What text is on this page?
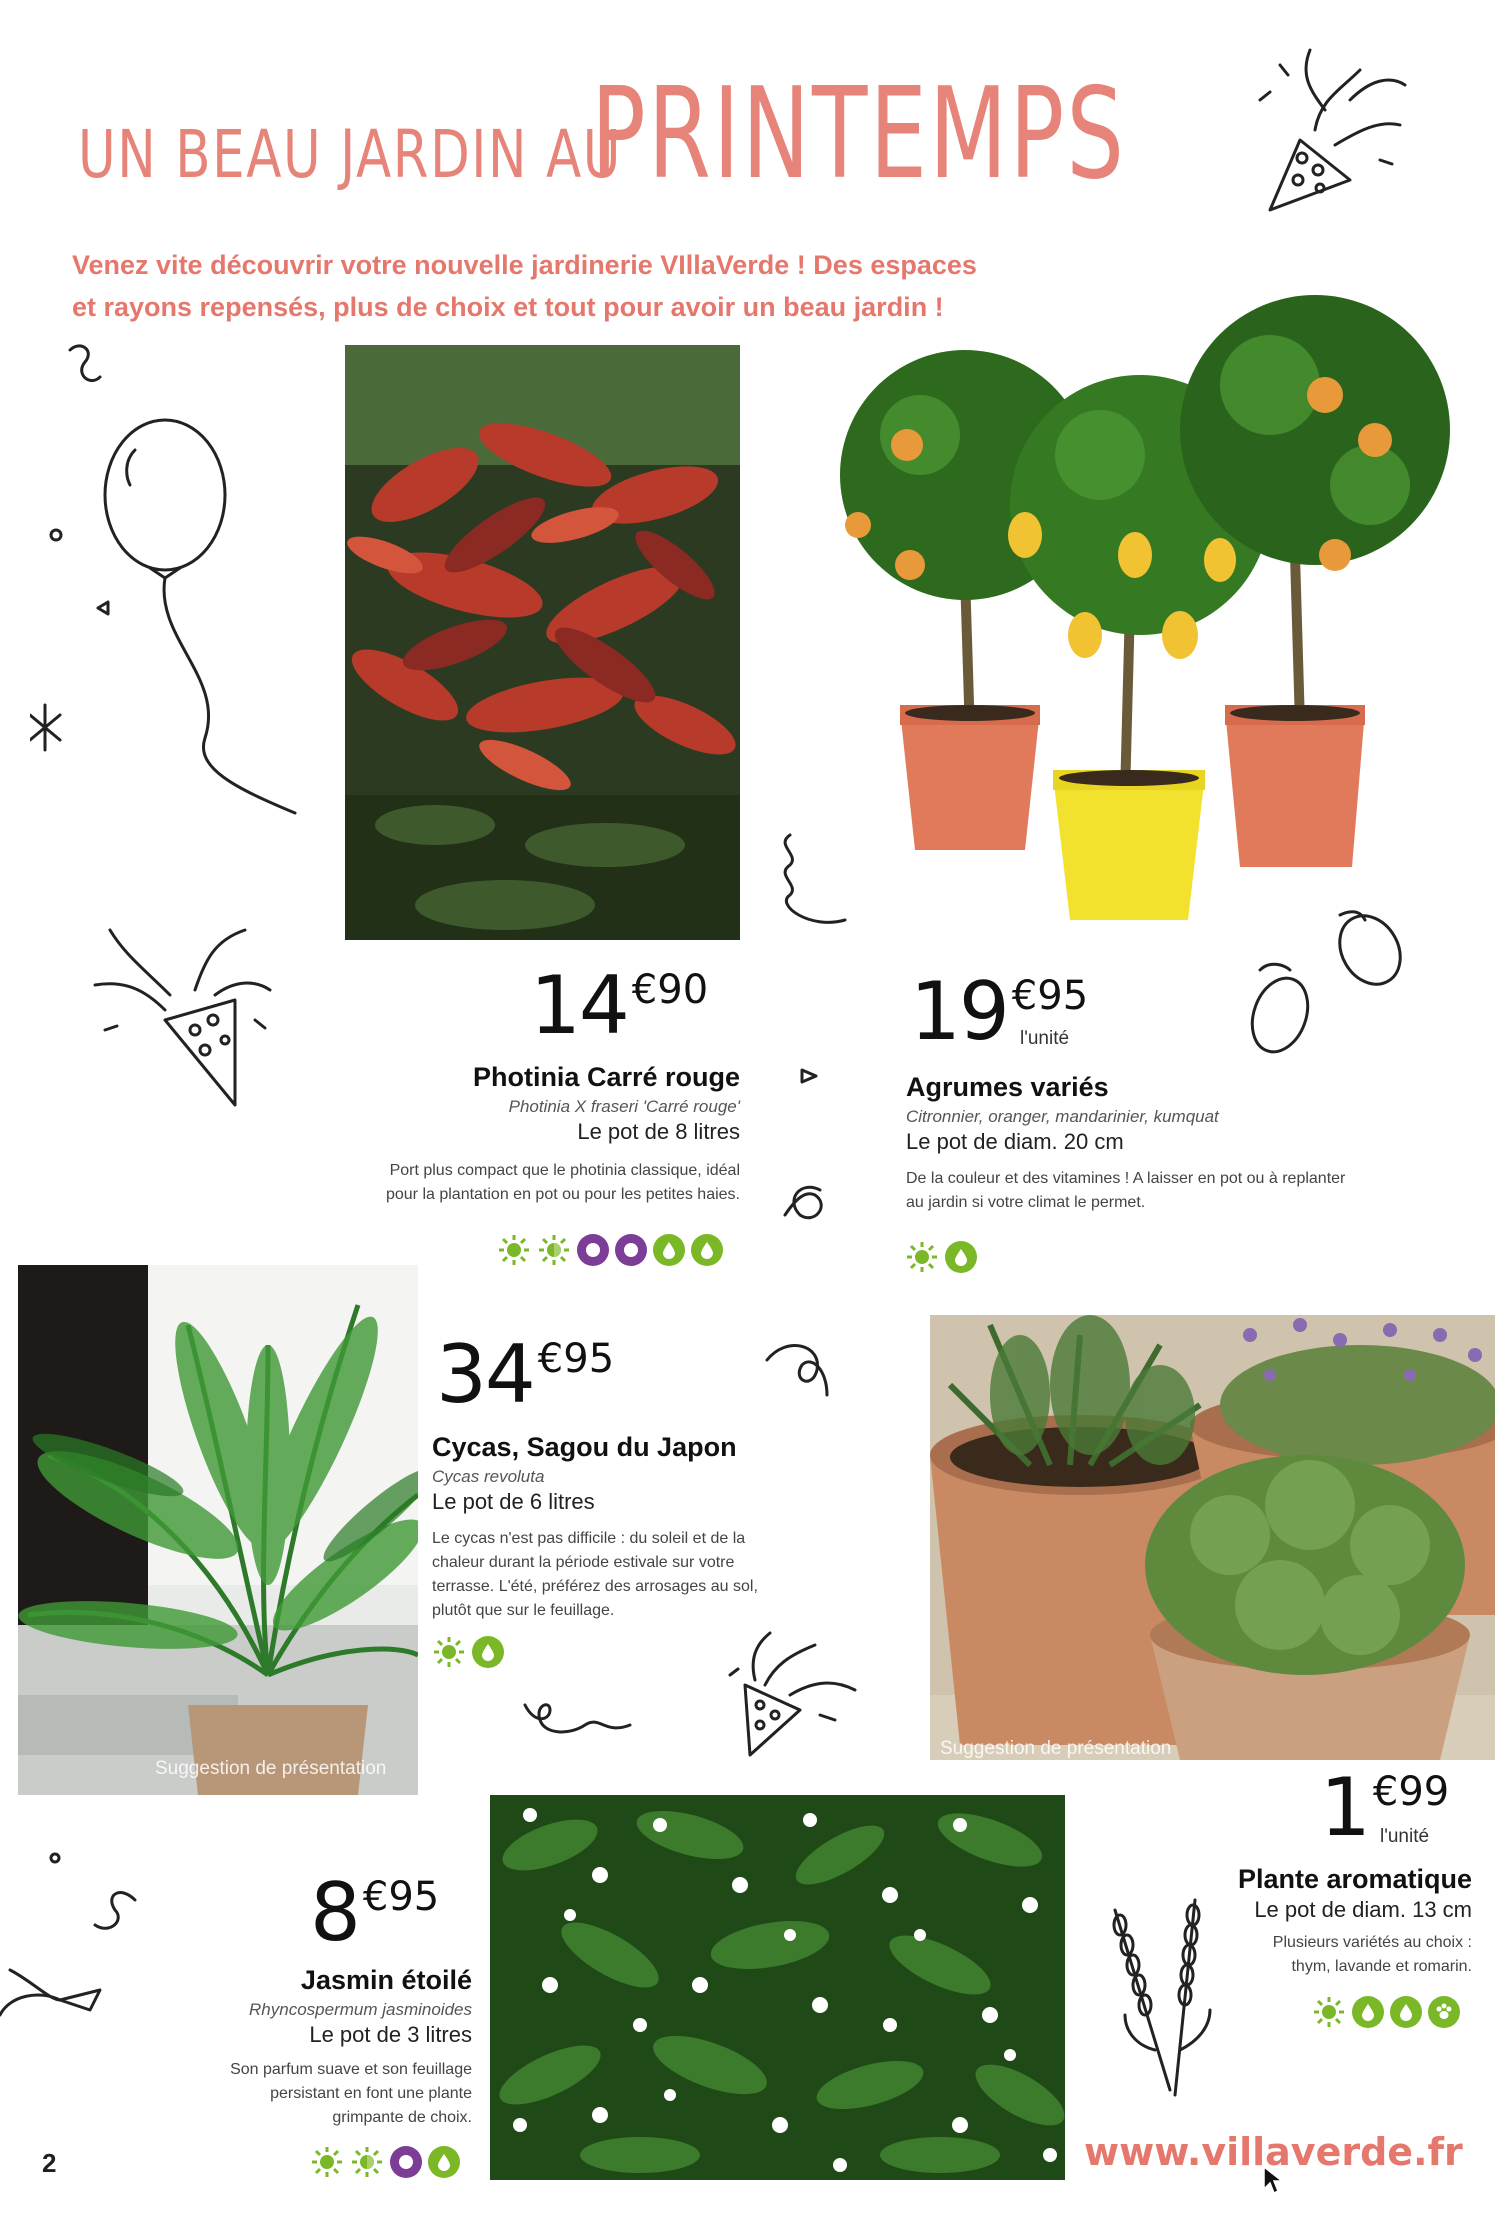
UN BEAU JARDIN AU PRINTEMPS
Venez vite découvrir votre nouvelle jardinerie VIllaVerde ! Des espaces
et rayons repensés, plus de choix et tout pour avoir un beau jardin !
14 €90
Photinia Carré rouge
Photinia X fraseri 'Carré rouge'
Le pot de 8 litres
Port plus compact que le photinia classique, idéal
pour la plantation en pot ou pour les petites haies.
19 €95
l'unité
Agrumes variés
Citronnier, oranger, mandarinier, kumquat
Le pot de diam. 20 cm
De la couleur et des vitamines ! A laisser en pot ou à replanter
au jardin si votre climat le permet.
Suggestion de présentation
34 €95
Cycas, Sagou du Japon
Cycas revoluta
Le pot de 6 litres
Le cycas n'est pas difficile : du soleil et de la
chaleur durant la période estivale sur votre
terrasse. L'été, préférez des arrosages au sol,
plutôt que sur le feuillage.
Suggestion de présentation
1 €99
l'unité
Plante aromatique
Le pot de diam. 13 cm
Plusieurs variétés au choix :
thym, lavande et romarin.
8 €95
Jasmin étoilé
Rhyncospermum jasminoides
Le pot de 3 litres
Son parfum suave et son feuillage
persistant en font une plante
grimpante de choix.
2	www.villaverde.fr
